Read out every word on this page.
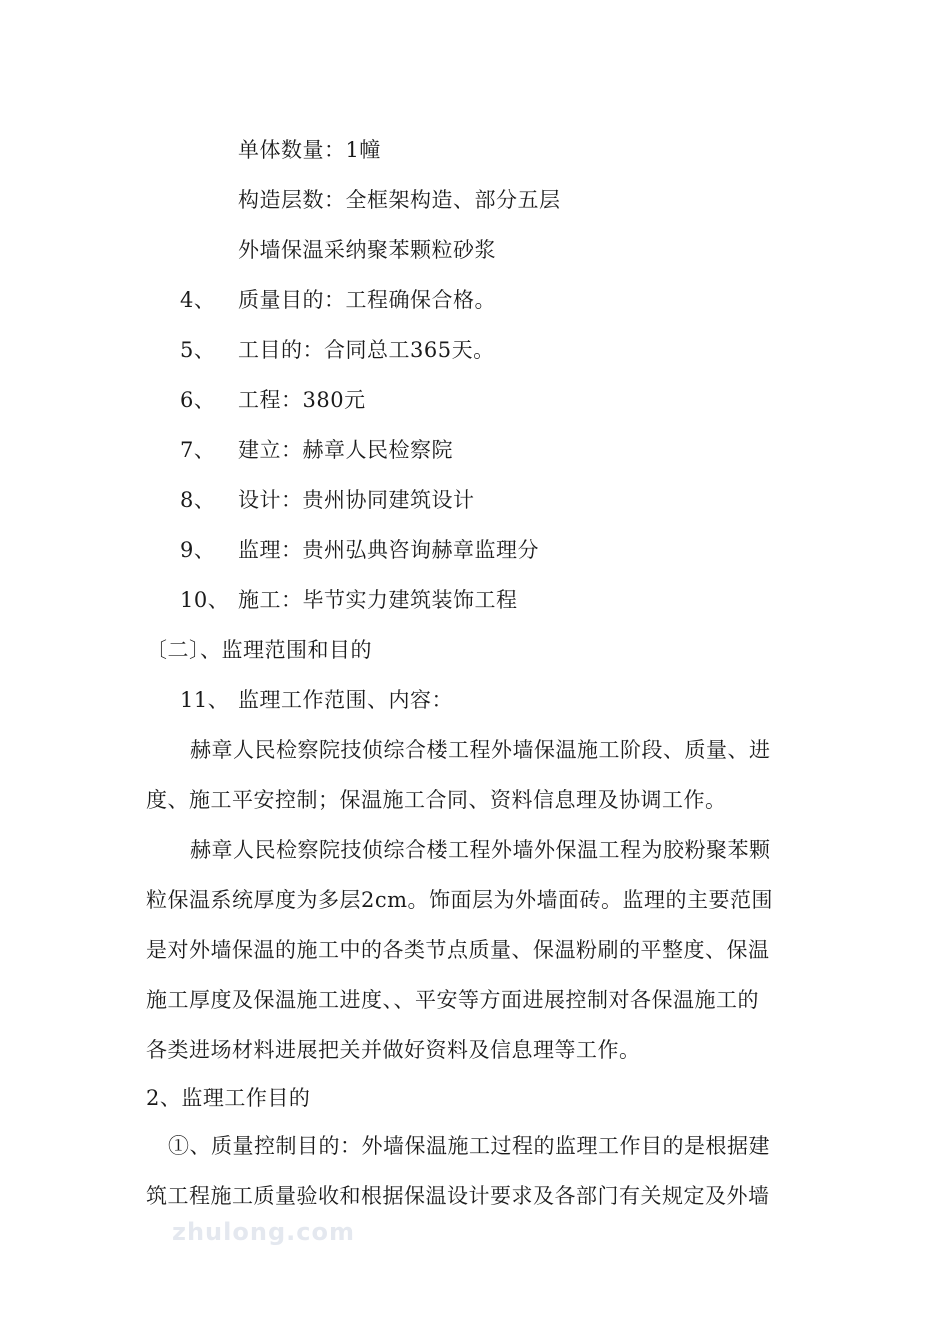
单体数量：1幢
构造层数：全框架构造、部分五层
外墙保温采纳聚苯颗粒砂浆
4、 质量目的：工程确保合格。
5、 工目的：合同总工365天。
6、 工程：380元
7、 建立：赫章人民检察院
8、 设计：贵州协同建筑设计
9、 监理：贵州弘典咨询赫章监理分
10、 施工：毕节实力建筑装饰工程
〔二〕、监理范围和目的
11、 监理工作范围、内容：
赫章人民检察院技侦综合楼工程外墙保温施工阶段、质量、进
度、施工平安控制；保温施工合同、资料信息理及协调工作。
赫章人民检察院技侦综合楼工程外墙外保温工程为胶粉聚苯颗
粒保温系统厚度为多层2cm。饰面层为外墙面砖。监理的主要范围
是对外墙保温的施工中的各类节点质量、保温粉刷的平整度、保温
施工厚度及保温施工进度、、平安等方面进展控制对各保温施工的
各类进场材料进展把关并做好资料及信息理等工作。
2、监理工作目的
①、质量控制目的：外墙保温施工过程的监理工作目的是根据建
筑工程施工质量验收和根据保温设计要求及各部门有关规定及外墙
zhulong.com
